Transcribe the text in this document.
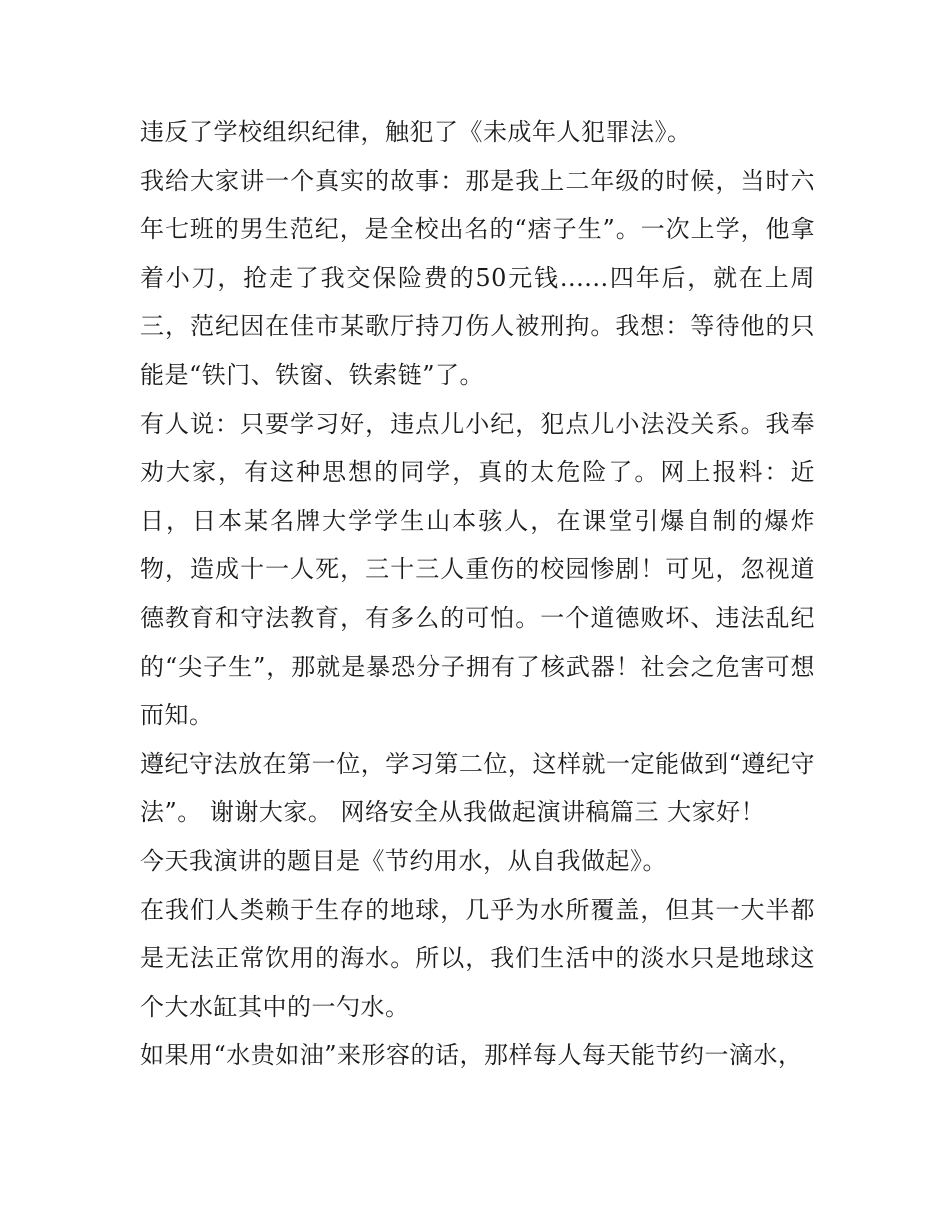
违反了学校组织纪律，触犯了《未成年人犯罪法》。

我给大家讲一个真实的故事：那是我上二年级的时候，当时六年七班的男生范纪，是全校出名的“痞子生”。一次上学，他拿着小刀，抢走了我交保险费的50元钱......四年后，就在上周三，范纪因在佳市某歌厅持刀伤人被刑拘。我想：等待他的只能是“铁门、铁窗、铁索链”了。

有人说：只要学习好，违点儿小纪，犯点儿小法没关系。我奉劝大家，有这种思想的同学，真的太危险了。网上报料：近日，日本某名牌大学学生山本骇人，在课堂引爆自制的爆炸物，造成十一人死，三十三人重伤的校园惨剧！可见，忽视道德教育和守法教育，有多么的可怕。一个道德败坏、违法乱纪的“尖子生”，那就是暴恐分子拥有了核武器！社会之危害可想而知。

遵纪守法放在第一位，学习第二位，这样就一定能做到“遵纪守法”。 谢谢大家。 网络安全从我做起演讲稿篇三 大家好！

今天我演讲的题目是《节约用水，从自我做起》。

在我们人类赖于生存的地球，几乎为水所覆盖，但其一大半都是无法正常饮用的海水。所以，我们生活中的淡水只是地球这个大水缸其中的一勺水。

如果用“水贵如油”来形容的话，那样每人每天能节约一滴水，
